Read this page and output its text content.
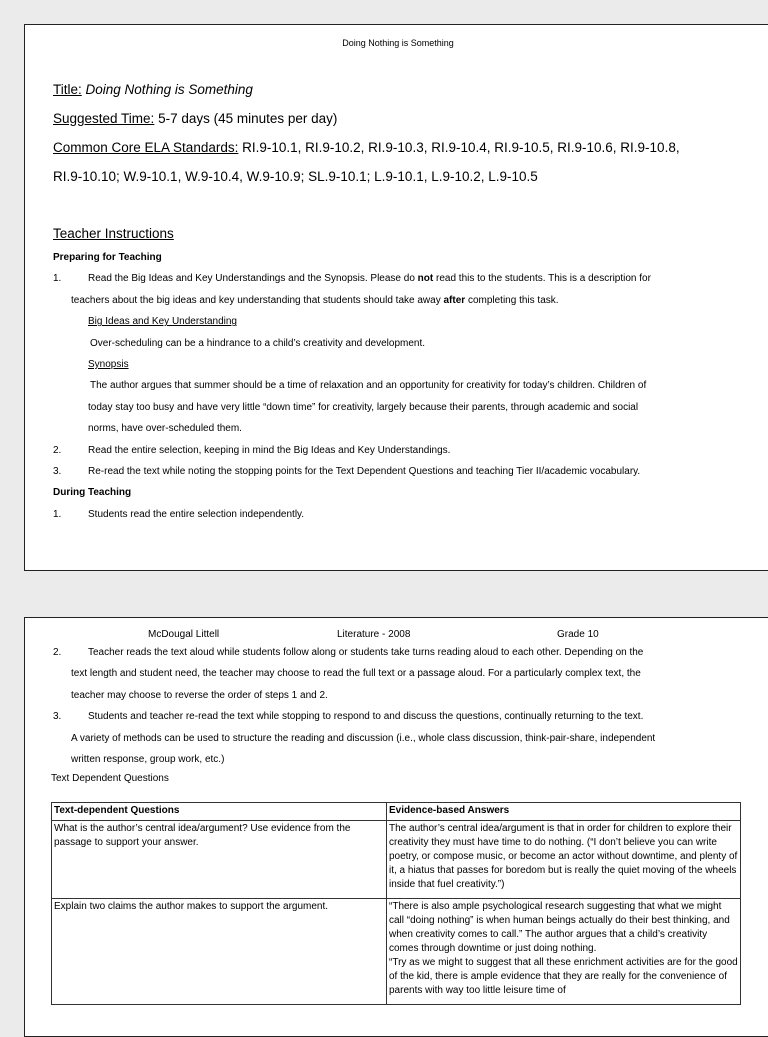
Doing Nothing is Something
Title: Doing Nothing is Something
Suggested Time: 5-7 days (45 minutes per day)
Common Core ELA Standards: RI.9-10.1, RI.9-10.2, RI.9-10.3, RI.9-10.4, RI.9-10.5, RI.9-10.6, RI.9-10.8,
RI.9-10.10; W.9-10.1, W.9-10.4, W.9-10.9; SL.9-10.1; L.9-10.1, L.9-10.2, L.9-10.5
Teacher Instructions
Preparing for Teaching
1.	Read the Big Ideas and Key Understandings and the Synopsis. Please do not read this to the students. This is a description for
teachers about the big ideas and key understanding that students should take away after completing this task.
Big Ideas and Key Understanding
Over-scheduling can be a hindrance to a child’s creativity and development.
Synopsis
The author argues that summer should be a time of relaxation and an opportunity for creativity for today’s children. Children of
today stay too busy and have very little “down time” for creativity, largely because their parents, through academic and social
norms, have over-scheduled them.
2.	Read the entire selection, keeping in mind the Big Ideas and Key Understandings.
3.	Re-read the text while noting the stopping points for the Text Dependent Questions and teaching Tier II/academic vocabulary.
During Teaching
1.	Students read the entire selection independently.
McDougal Littell	Literature - 2008	Grade 10
2.	Teacher reads the text aloud while students follow along or students take turns reading aloud to each other. Depending on the
text length and student need, the teacher may choose to read the full text or a passage aloud. For a particularly complex text, the
teacher may choose to reverse the order of steps 1 and 2.
3.	Students and teacher re-read the text while stopping to respond to and discuss the questions, continually returning to the text.
A variety of methods can be used to structure the reading and discussion (i.e., whole class discussion, think-pair-share, independent
written response, group work, etc.)
Text Dependent Questions
Text-dependent Questions	Evidence-based Answers
What is the author’s central idea/argument? Use evidence from the passage to support your answer.	The author’s central idea/argument is that in order for children to explore their creativity they must have time to do nothing. (“I don’t believe you can write poetry, or compose music, or become an actor without downtime, and plenty of it, a hiatus that passes for boredom but is really the quiet moving of the wheels inside that fuel creativity.”)
Explain two claims the author makes to support the argument.	“There is also ample psychological research suggesting that what we might call “doing nothing” is when human beings actually do their best thinking, and when creativity comes to call.” The author argues that a child’s creativity comes through downtime or just doing nothing.
“Try as we might to suggest that all these enrichment activities are for the good of the kid, there is ample evidence that they are really for the convenience of parents with way too little leisure time of
